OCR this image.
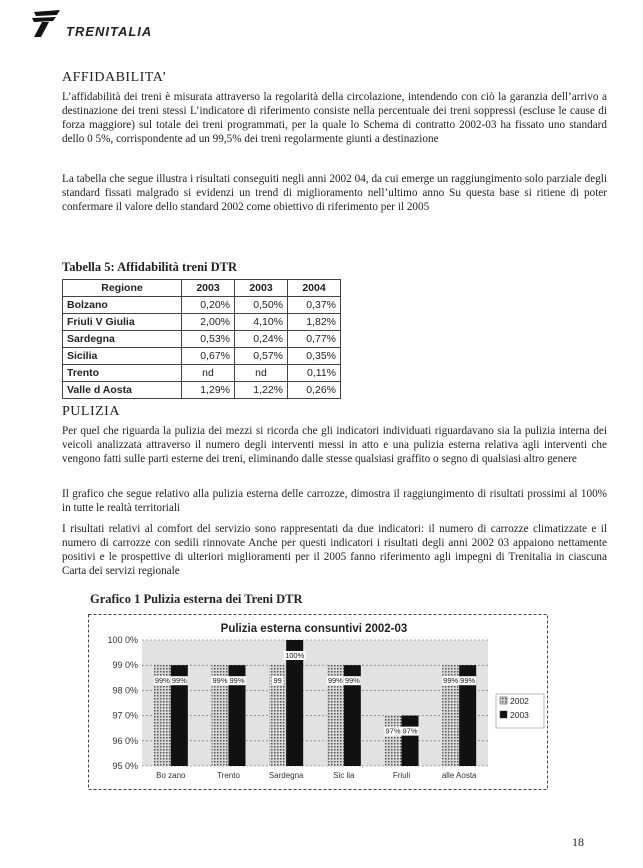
TRENITALIA
AFFIDABILITA’

L’affidabilità dei treni è misurata attraverso la regolarità della circolazione, intendendo con ciò la garanzia dell’arrivo a destinazione dei treni stessi L’indicatore di riferimento consiste nella percentuale dei treni soppressi (escluse le cause di forza maggiore) sul totale dei treni programmati, per la quale lo Schema di contratto 2002-03 ha fissato uno standard dello 0 5%, corrispondente ad un 99,5% dei treni regolarmente giunti a destinazione

La tabella che segue illustra i risultati conseguiti negli anni 2002 04, da cui emerge un raggiungimento solo parziale degli standard fissati malgrado si evidenzi un trend di miglioramento nell’ultimo anno Su questa base si ritiene di poter confermare il valore dello standard 2002 come obiettivo di riferimento per il 2005

Tabella 5: Affidabilità treni DTR
Regione	2003	2003	2004
Bolzano	0,20%	0,50%	0,37%
Friuli V Giulia	2,00%	4,10%	1,82%
Sardegna	0,53%	0,24%	0,77%
Sicilia	0,67%	0,57%	0,35%
Trento	nd	nd	0,11%
Valle d Aosta	1,29%	1,22%	0,26%
PULIZIA

Per quel che riguarda la pulizia dei mezzi si ricorda che gli indicatori individuati riguardavano sia la pulizia interna dei veicoli analizzata attraverso il numero degli interventi messi in atto e una pulizia esterna relativa agli interventi che vengono fatti sulle parti esterne dei treni, eliminando dalle stesse qualsiasi graffito o segno di qualsiasi altro genere

Il grafico che segue relativo alla pulizia esterna delle carrozze, dimostra il raggiungimento di risultati prossimi al 100% in tutte le realtà territoriali

I risultati relativi al comfort del servizio sono rappresentati da due indicatori: il numero di carrozze climatizzate e il numero di carrozze con sedili rinnovate Anche per questi indicatori i risultati degli anni 2002 03 appaiono nettamente positivi e le prospettive di ulteriori miglioramenti per il 2005 fanno riferimento agli impegni di Trenitalia in ciascuna Carta dei servizi regionale

Grafico 1 Pulizia esterna dei Treni DTR
Pulizia esterna consuntivi 2002-03
99% 99%	99% 99%	99
100%
99% 99%
97% 97%
99% 99%
100 0%
99 0%
98 0%
97 0%
96 0%
95 0%
Bo zano	Trento	Sardegna	Sic lia	Friuli	alle Aosta
2002
2003
18
